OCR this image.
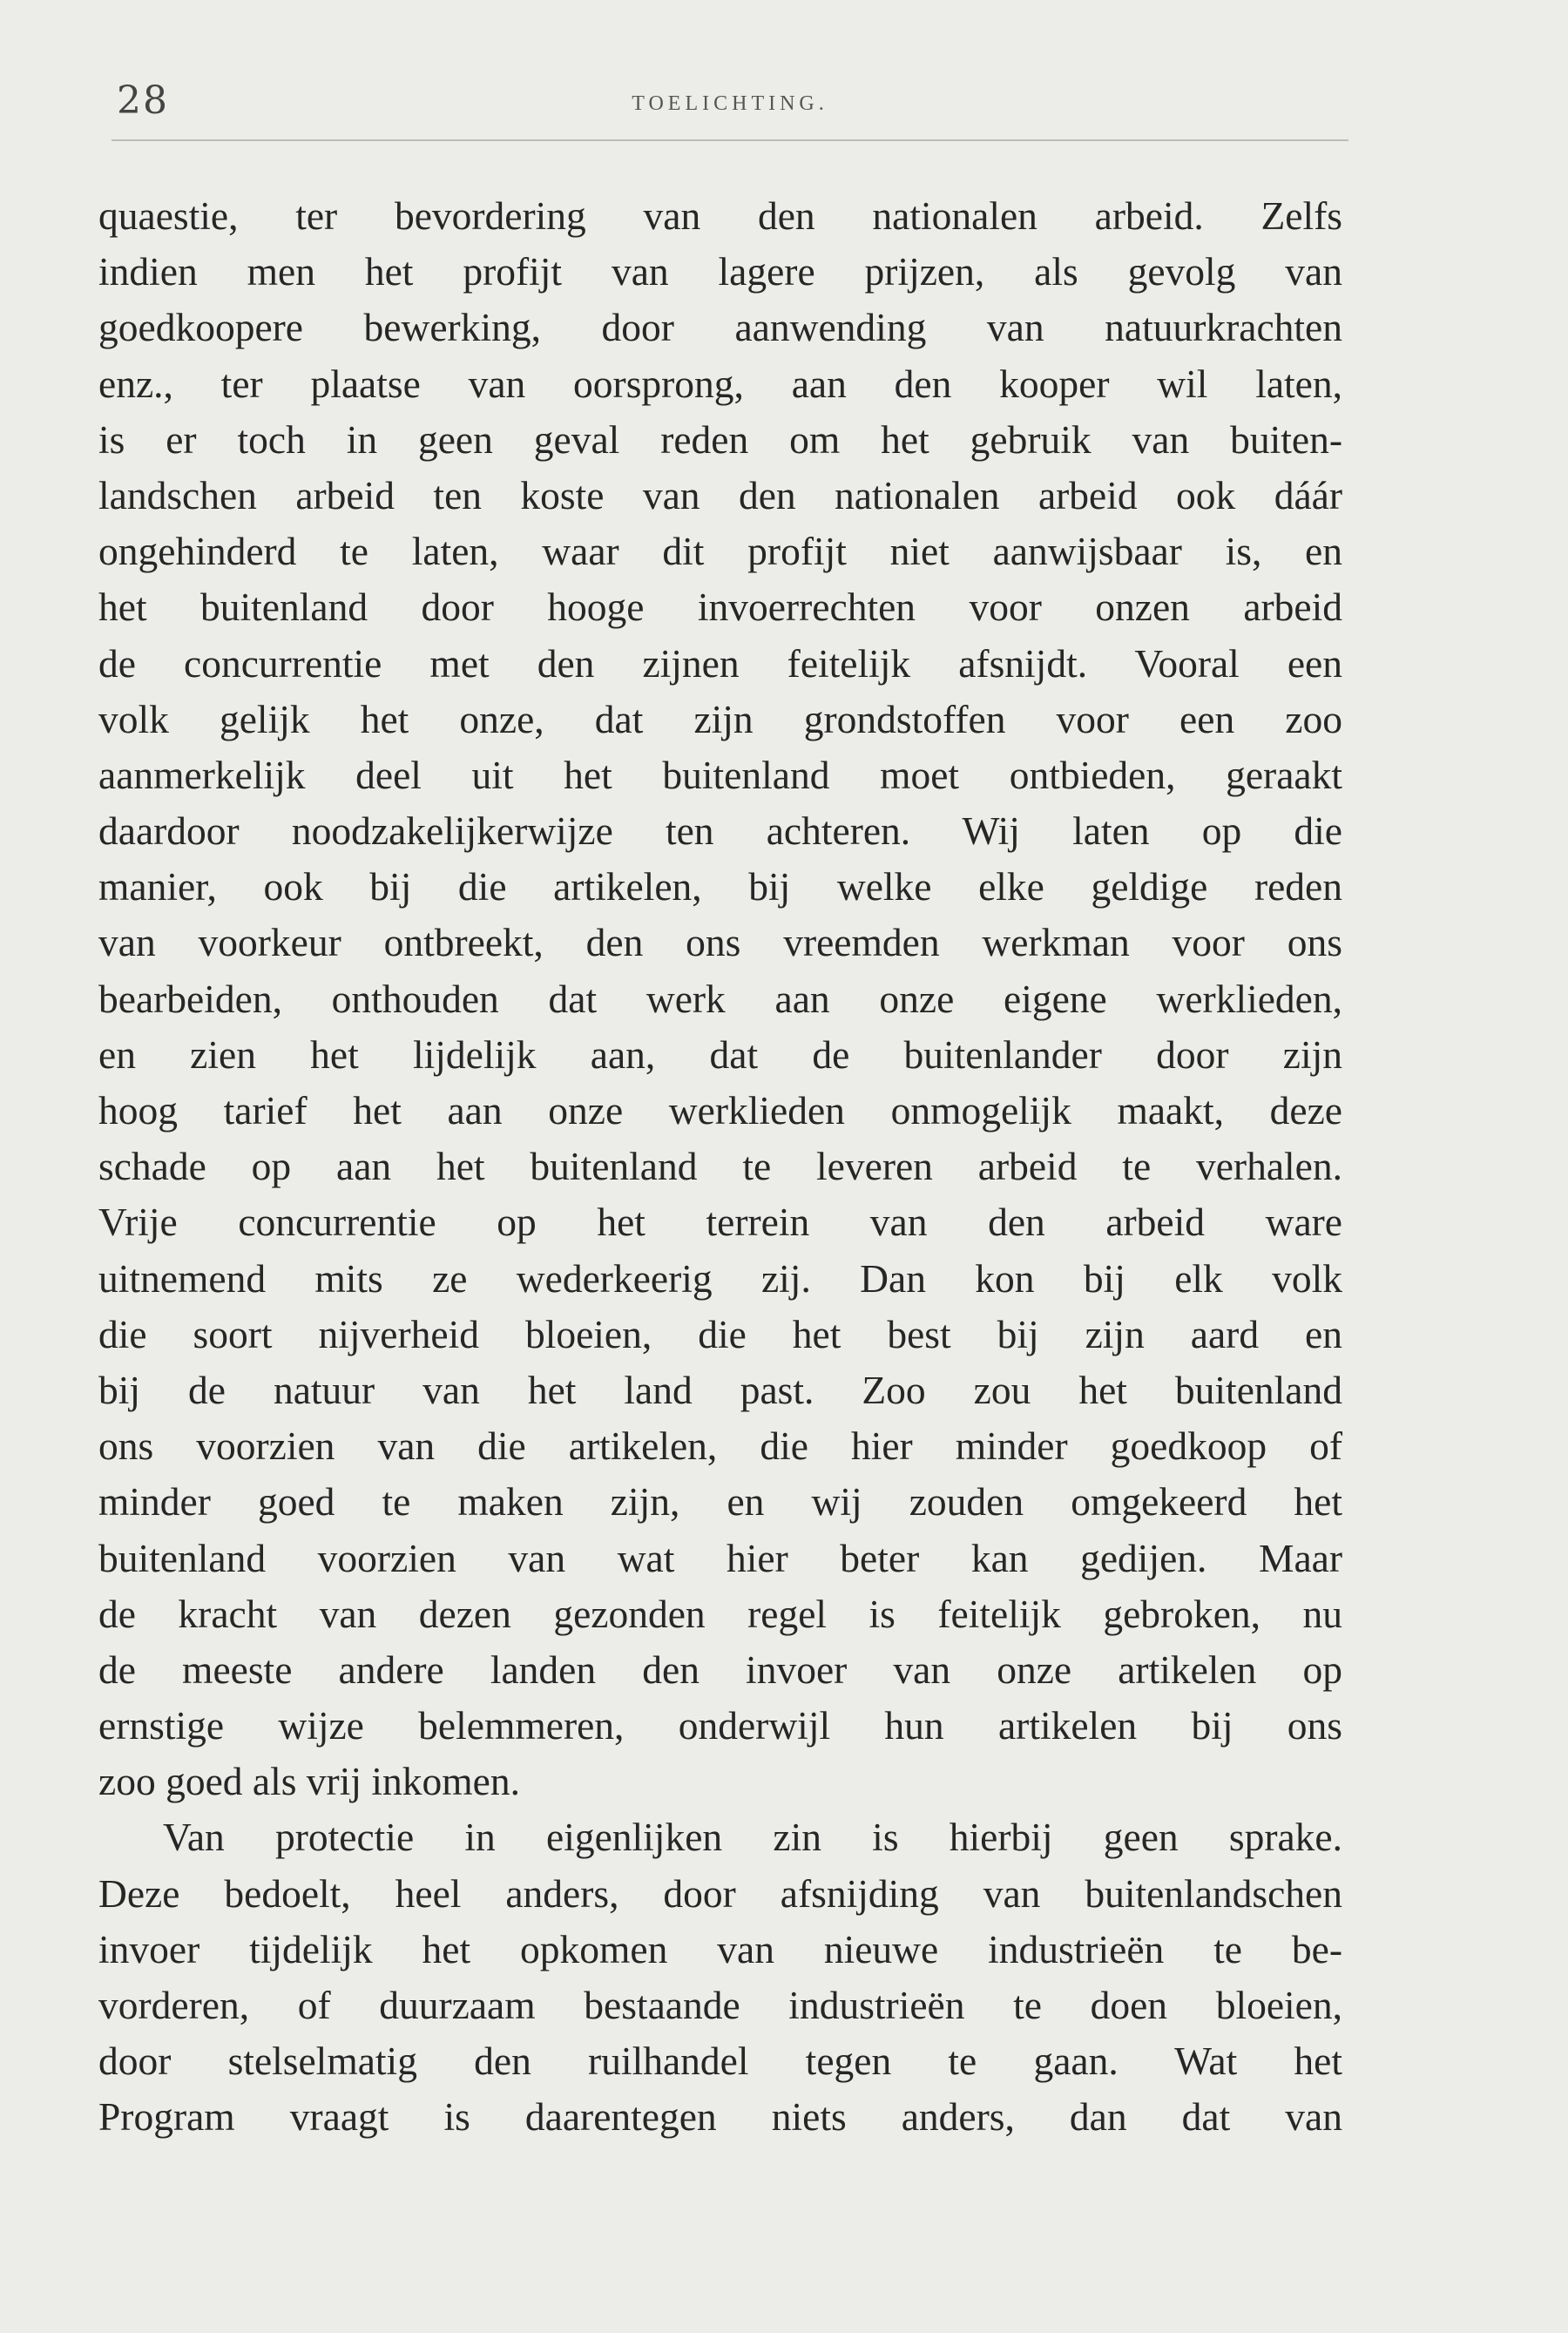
28	TOELICHTING.
quaestie, ter bevordering van den nationalen arbeid. Zelfs
indien men het profijt van lagere prijzen, als gevolg van
goedkoopere bewerking, door aanwending van natuurkrachten
enz., ter plaatse van oorsprong, aan den kooper wil laten,
is er toch in geen geval reden om het gebruik van buiten-
landschen arbeid ten koste van den nationalen arbeid ook dáár
ongehinderd te laten, waar dit profijt niet aanwijsbaar is, en
het buitenland door hooge invoerrechten voor onzen arbeid
de concurrentie met den zijnen feitelijk afsnijdt. Vooral een
volk gelijk het onze, dat zijn grondstoffen voor een zoo
aanmerkelijk deel uit het buitenland moet ontbieden, geraakt
daardoor noodzakelijkerwijze ten achteren. Wij laten op die
manier, ook bij die artikelen, bij welke elke geldige reden
van voorkeur ontbreekt, den ons vreemden werkman voor ons
bearbeiden, onthouden dat werk aan onze eigene werklieden,
en zien het lijdelijk aan, dat de buitenlander door zijn
hoog tarief het aan onze werklieden onmogelijk maakt, deze
schade op aan het buitenland te leveren arbeid te verhalen.
Vrije concurrentie op het terrein van den arbeid ware
uitnemend mits ze wederkeerig zij. Dan kon bij elk volk
die soort nijverheid bloeien, die het best bij zijn aard en
bij de natuur van het land past. Zoo zou het buitenland
ons voorzien van die artikelen, die hier minder goedkoop of
minder goed te maken zijn, en wij zouden omgekeerd het
buitenland voorzien van wat hier beter kan gedijen. Maar
de kracht van dezen gezonden regel is feitelijk gebroken, nu
de meeste andere landen den invoer van onze artikelen op
ernstige wijze belemmeren, onderwijl hun artikelen bij ons
zoo goed als vrij inkomen.
Van protectie in eigenlijken zin is hierbij geen sprake.
Deze bedoelt, heel anders, door afsnijding van buitenlandschen
invoer tijdelijk het opkomen van nieuwe industrieën te be-
vorderen, of duurzaam bestaande industrieën te doen bloeien,
door stelselmatig den ruilhandel tegen te gaan. Wat het
Program vraagt is daarentegen niets anders, dan dat van
